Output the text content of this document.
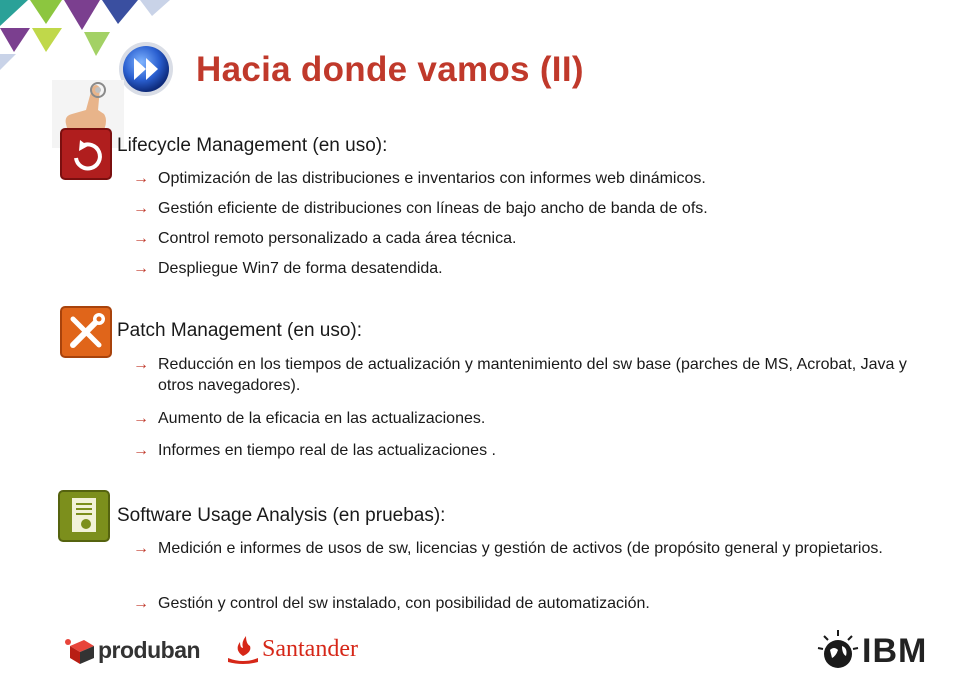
Hacia donde vamos (II)
Lifecycle Management (en uso):
→ Optimización de las distribuciones e inventarios con informes web dinámicos.
→ Gestión eficiente de distribuciones con líneas de bajo ancho de banda de ofs.
→ Control remoto personalizado a cada área técnica.
→ Despliegue Win7 de forma desatendida.
Patch Management (en uso):
→ Reducción en los tiempos de actualización y mantenimiento del sw base (parches de MS, Acrobat, Java y otros navegadores).
→ Aumento de la eficacia en las actualizaciones.
→ Informes en tiempo real de las actualizaciones .
Software Usage Analysis (en pruebas):
→ Medición e informes de usos de sw, licencias y gestión de activos (de propósito general y propietarios.
→ Gestión y control del sw instalado, con posibilidad de automatización.
produban	Santander	IBM
